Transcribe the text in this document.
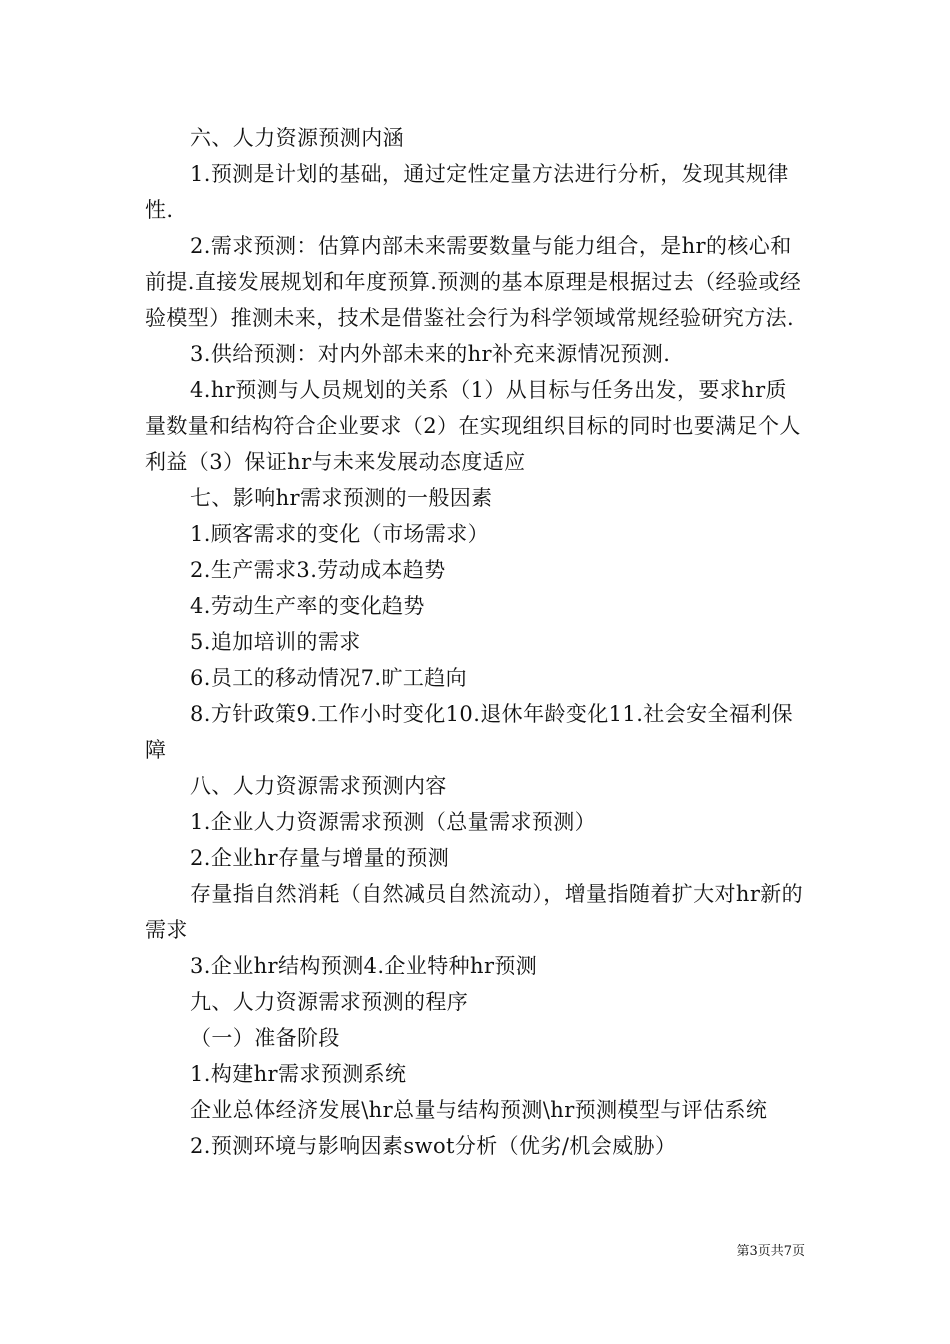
六、人力资源预测内涵

1.预测是计划的基础，通过定性定量方法进行分析，发现其规律性.

2.需求预测：估算内部未来需要数量与能力组合，是hr的核心和前提.直接发展规划和年度预算.预测的基本原理是根据过去（经验或经验模型）推测未来，技术是借鉴社会行为科学领域常规经验研究方法.

3.供给预测：对内外部未来的hr补充来源情况预测.

4.hr预测与人员规划的关系（1）从目标与任务出发，要求hr质量数量和结构符合企业要求（2）在实现组织目标的同时也要满足个人利益（3）保证hr与未来发展动态度适应

七、影响hr需求预测的一般因素

1.顾客需求的变化（市场需求）

2.生产需求3.劳动成本趋势

4.劳动生产率的变化趋势

5.追加培训的需求

6.员工的移动情况7.旷工趋向

8.方针政策9.工作小时变化10.退休年龄变化11.社会安全福利保障

八、人力资源需求预测内容

1.企业人力资源需求预测（总量需求预测）

2.企业hr存量与增量的预测

存量指自然消耗（自然减员自然流动），增量指随着扩大对hr新的需求

3.企业hr结构预测4.企业特种hr预测

九、人力资源需求预测的程序

（一）准备阶段

1.构建hr需求预测系统

企业总体经济发展\hr总量与结构预测\hr预测模型与评估系统

2.预测环境与影响因素swot分析（优劣/机会威胁）

第3页共7页
